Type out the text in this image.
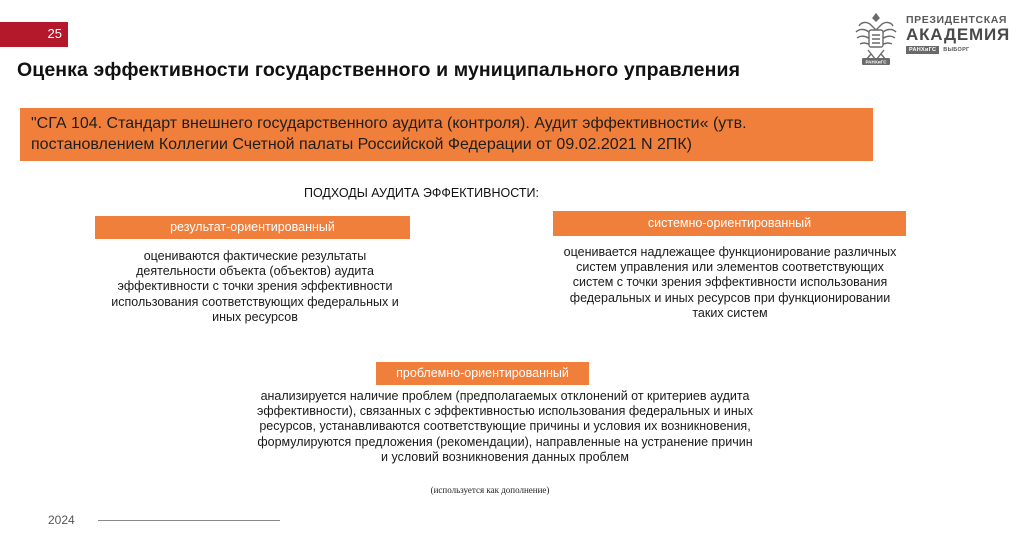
25
Оценка эффективности государственного и муниципального управления	РАНХиГС
ПРЕЗИДЕНТСКАЯ
АКАДЕМИЯ
РАНХиГС	ВЫБОРГ
"СГА 104. Стандарт внешнего государственного аудита (контроля). Аудит эффективности« (утв. постановлением Коллегии Счетной палаты Российской Федерации от 09.02.2021 N 2ПК)
ПОДХОДЫ АУДИТА ЭФФЕКТИВНОСТИ:
результат-ориентированный
оцениваются фактические результаты деятельности объекта (объектов) аудита эффективности с точки зрения эффективности использования соответствующих федеральных и иных ресурсов
системно-ориентированный
оценивается надлежащее функционирование различных систем управления или элементов соответствующих систем с точки зрения эффективности использования федеральных и иных ресурсов при функционировании таких систем
проблемно-ориентированный
анализируется наличие проблем (предполагаемых отклонений от критериев аудита эффективности), связанных с эффективностью использования федеральных и иных ресурсов, устанавливаются соответствующие причины и условия их возникновения, формулируются предложения (рекомендации), направленные на устранение причин и условий возникновения данных проблем
(используется как дополнение)
2024
